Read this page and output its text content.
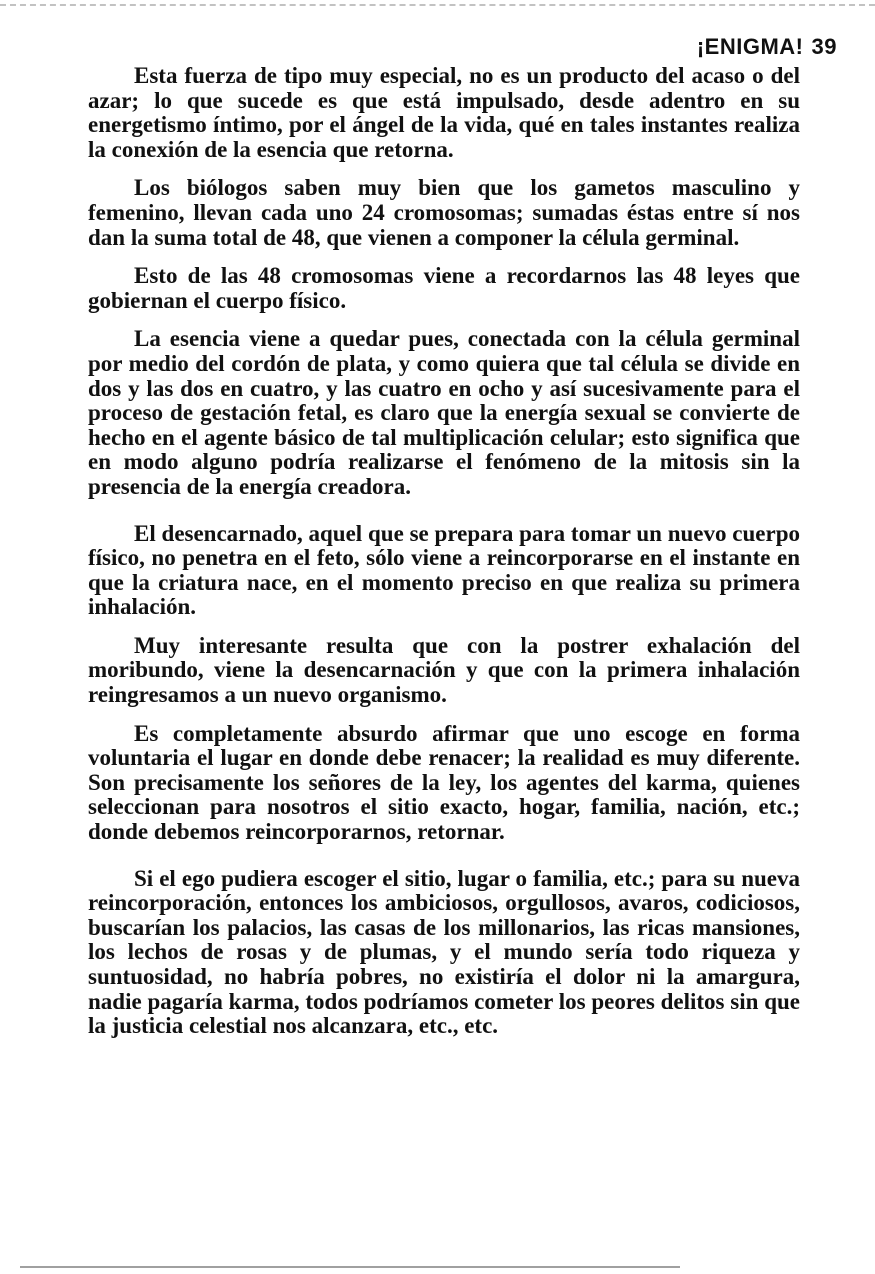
¡ENIGMA! 39

Esta fuerza de tipo muy especial, no es un producto del acaso o del azar; lo que sucede es que está impulsado, desde adentro en su energetismo íntimo, por el ángel de la vida, qué en tales instantes realiza la conexión de la esencia que retorna.

Los biólogos saben muy bien que los gametos masculino y femenino, llevan cada uno 24 cromosomas; sumadas éstas entre sí nos dan la suma total de 48, que vienen a componer la célula germinal.

Esto de las 48 cromosomas viene a recordarnos las 48 leyes que gobiernan el cuerpo físico.

La esencia viene a quedar pues, conectada con la célula germinal por medio del cordón de plata, y como quiera que tal célula se divide en dos y las dos en cuatro, y las cuatro en ocho y así sucesivamente para el proceso de gestación fetal, es claro que la energía sexual se convierte de hecho en el agente básico de tal multiplicación celular; esto significa que en modo alguno podría realizarse el fenómeno de la mitosis sin la presencia de la energía creadora.

El desencarnado, aquel que se prepara para tomar un nuevo cuerpo físico, no penetra en el feto, sólo viene a reincorporarse en el instante en que la criatura nace, en el momento preciso en que realiza su primera inhalación.

Muy interesante resulta que con la postrer exhalación del moribundo, viene la desencarnación y que con la primera inhalación reingresamos a un nuevo organismo.

Es completamente absurdo afirmar que uno escoge en forma voluntaria el lugar en donde debe renacer; la realidad es muy diferente. Son precisamente los señores de la ley, los agentes del karma, quienes seleccionan para nosotros el sitio exacto, hogar, familia, nación, etc.; donde debemos reincorporarnos, retornar.

Si el ego pudiera escoger el sitio, lugar o familia, etc.; para su nueva reincorporación, entonces los ambiciosos, orgullosos, avaros, codiciosos, buscarían los palacios, las casas de los millonarios, las ricas mansiones, los lechos de rosas y de plumas, y el mundo sería todo riqueza y suntuosidad, no habría pobres, no existiría el dolor ni la amargura, nadie pagaría karma, todos podríamos cometer los peores delitos sin que la justicia celestial nos alcanzara, etc., etc.
